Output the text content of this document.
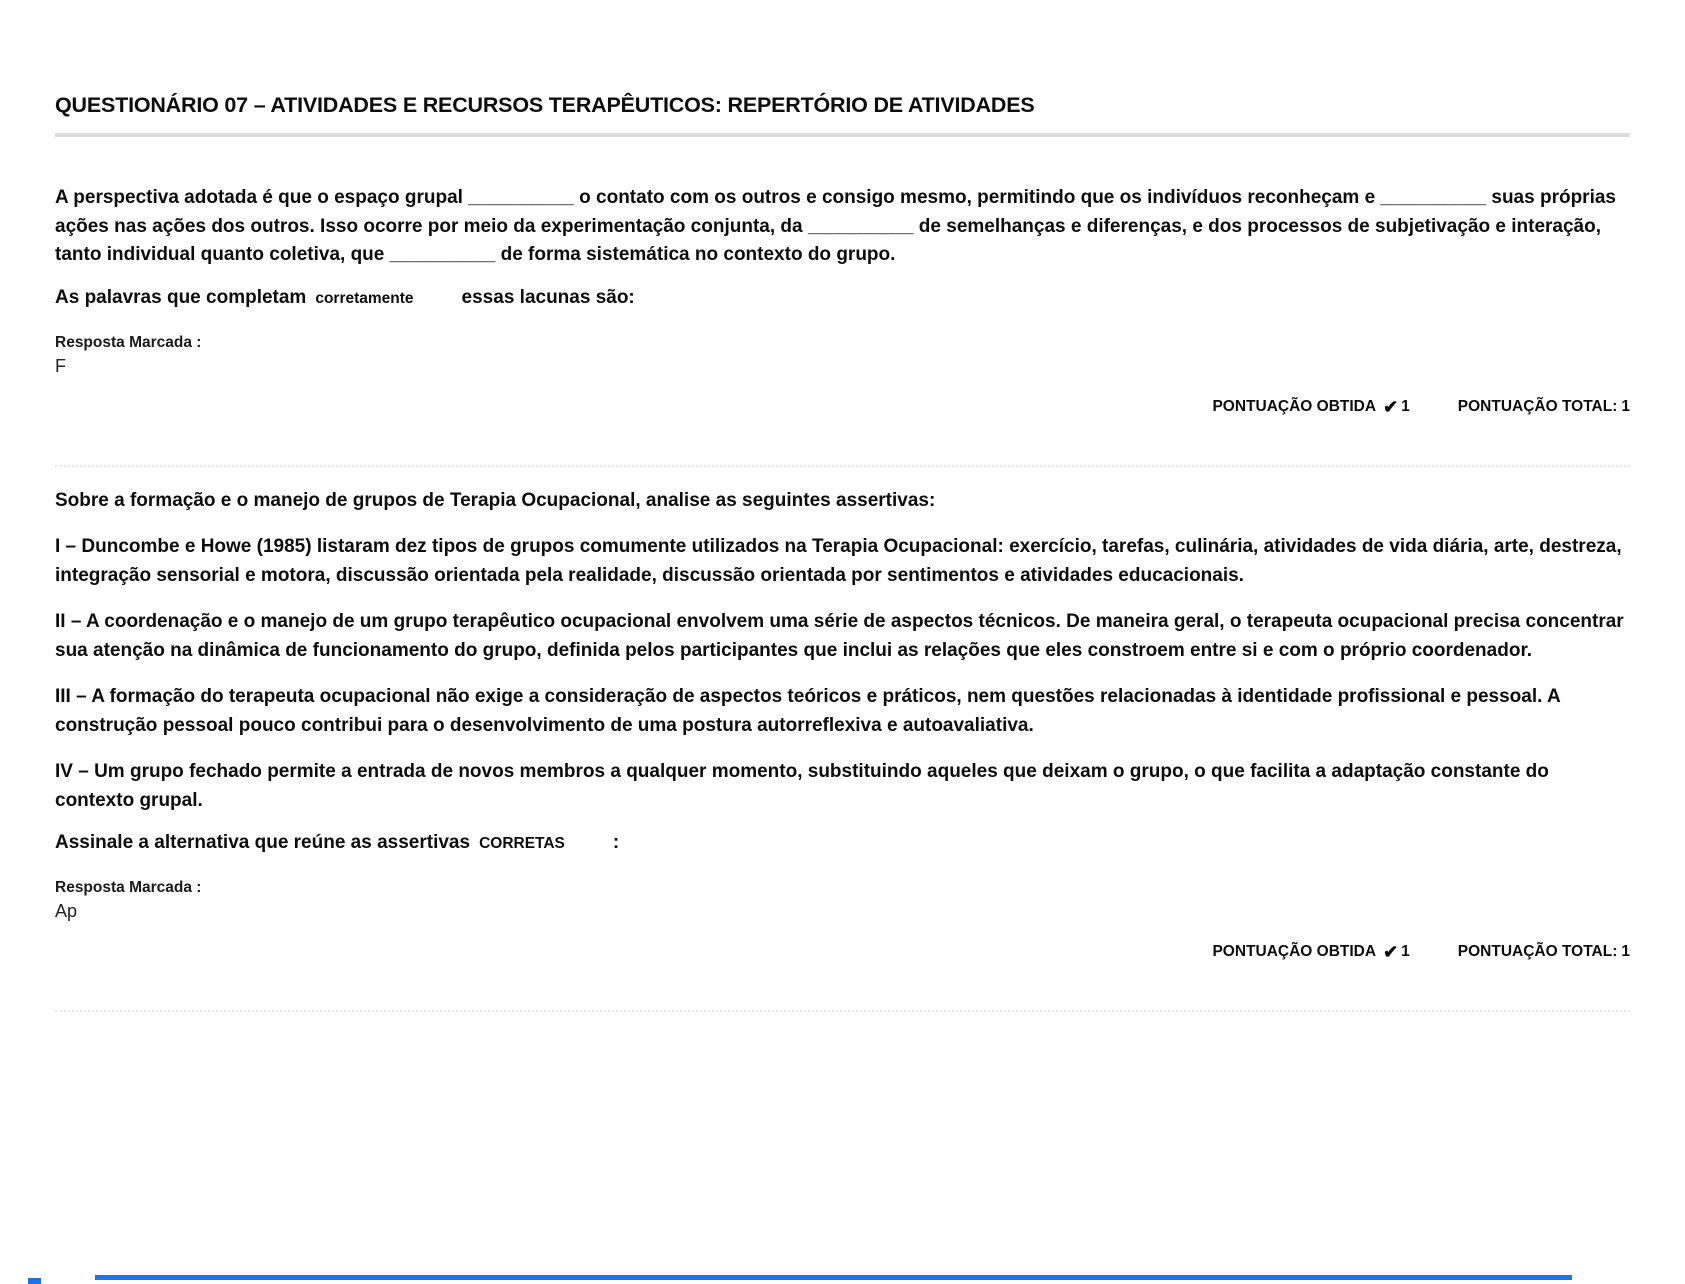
QUESTIONÁRIO 07 – ATIVIDADES E RECURSOS TERAPÊUTICOS: REPERTÓRIO DE ATIVIDADES

A perspectiva adotada é que o espaço grupal __________ o contato com os outros e consigo mesmo, permitindo que os indivíduos reconheçam e __________ suas próprias ações nas ações dos outros. Isso ocorre por meio da experimentação conjunta, da __________ de semelhanças e diferenças, e dos processos de subjetivação e interação, tanto individual quanto coletiva, que __________ de forma sistemática no contexto do grupo.

As palavras que completam corretamente	essas lacunas são:

Resposta Marcada :
F
PONTUAÇÃO OBTIDA ✔ 1	PONTUAÇÃO TOTAL: 1

Sobre a formação e o manejo de grupos de Terapia Ocupacional, analise as seguintes assertivas:

I – Duncombe e Howe (1985) listaram dez tipos de grupos comumente utilizados na Terapia Ocupacional: exercício, tarefas, culinária, atividades de vida diária, arte, destreza, integração sensorial e motora, discussão orientada pela realidade, discussão orientada por sentimentos e atividades educacionais.

II – A coordenação e o manejo de um grupo terapêutico ocupacional envolvem uma série de aspectos técnicos. De maneira geral, o terapeuta ocupacional precisa concentrar sua atenção na dinâmica de funcionamento do grupo, definida pelos participantes que inclui as relações que eles constroem entre si e com o próprio coordenador.

III – A formação do terapeuta ocupacional não exige a consideração de aspectos teóricos e práticos, nem questões relacionadas à identidade profissional e pessoal. A construção pessoal pouco contribui para o desenvolvimento de uma postura autorreflexiva e autoavaliativa.

IV – Um grupo fechado permite a entrada de novos membros a qualquer momento, substituindo aqueles que deixam o grupo, o que facilita a adaptação constante do contexto grupal.

Assinale a alternativa que reúne as assertivas CORRETAS	:

Resposta Marcada :
Ap
PONTUAÇÃO OBTIDA ✔ 1	PONTUAÇÃO TOTAL: 1
